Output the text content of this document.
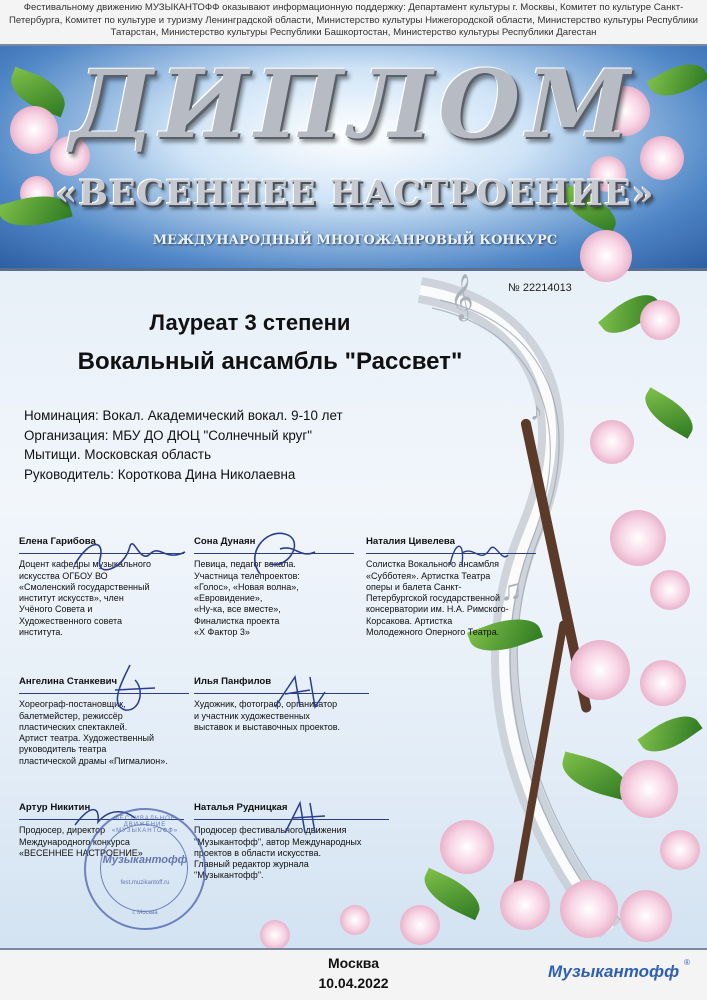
Фестивальному движению МУЗЫКАНТОФФ оказывают информационную поддержку: Департамент культуры г. Москвы, Комитет по культуре Санкт-Петербурга, Комитет по культуре и туризму Ленинградской области, Министерство культуры Нижегородской области, Министерство культуры Республики Татарстан, Министерство культуры Республики Башкортостан, Министерство культуры Республики Дагестан
ДИПЛОМ
«ВЕСЕННЕЕ НАСТРОЕНИЕ»
МЕЖДУНАРОДНЫЙ МНОГОЖАНРОВЫЙ КОНКУРС
𝄞
♪
♫
№ 22214013
Лауреат 3 степени
Вокальный ансамбль "Рассвет"
Номинация: Вокал. Академический вокал. 9-10 лет
Организация: МБУ ДО ДЮЦ "Солнечный круг"
Мытищи. Московская область
Руководитель: Короткова Дина Николаевна
Елена Гарибова
Доцент кафедры музыкального
искусства ОГБОУ ВО
«Смоленский государственный
институт искусств», член
Учёного Совета и
Художественного совета
института.
Сона Дунаян
Певица, педагог вокала.
Участница телепроектов:
«Голос», «Новая волна»,
«Евровидение»,
«Ну-ка, все вместе»,
Финалистка проекта
«Х Фактор 3»
Наталия Цивелева
Солистка Вокального ансамбля
«Субботея». Артистка Театра
оперы и балета Санкт-
Петербургской государственной
консерватории им. Н.А. Римского-
Корсакова. Артистка
Молодежного Оперного Театра.
Ангелина Станкевич
Хореограф-постановщик,
балетмейстер, режиссёр
пластических спектаклей.
Артист театра. Художественный
руководитель театра
пластической драмы «Пигмалион».
Илья Панфилов
Художник, фотограф, организатор
и участник художественных
выставок и выставочных проектов.
Артур Никитин
Продюсер, директор
Международного конкурса
«ВЕСЕННЕЕ НАСТРОЕНИЕ»
Наталья Рудницкая
Продюсер фестивального движения
"Музыкантофф", автор Международных
проектов в области искусства.
Главный редактор журнала
"Музыкантофф".
ФЕСТИВАЛЬНОЕ ДВИЖЕНИЕ «МУЗЫКАНТОФФ»
Музыкантофф
fest.muzikantoff.ru
г. Москва
Москва
10.04.2022
Музыкантофф ®
